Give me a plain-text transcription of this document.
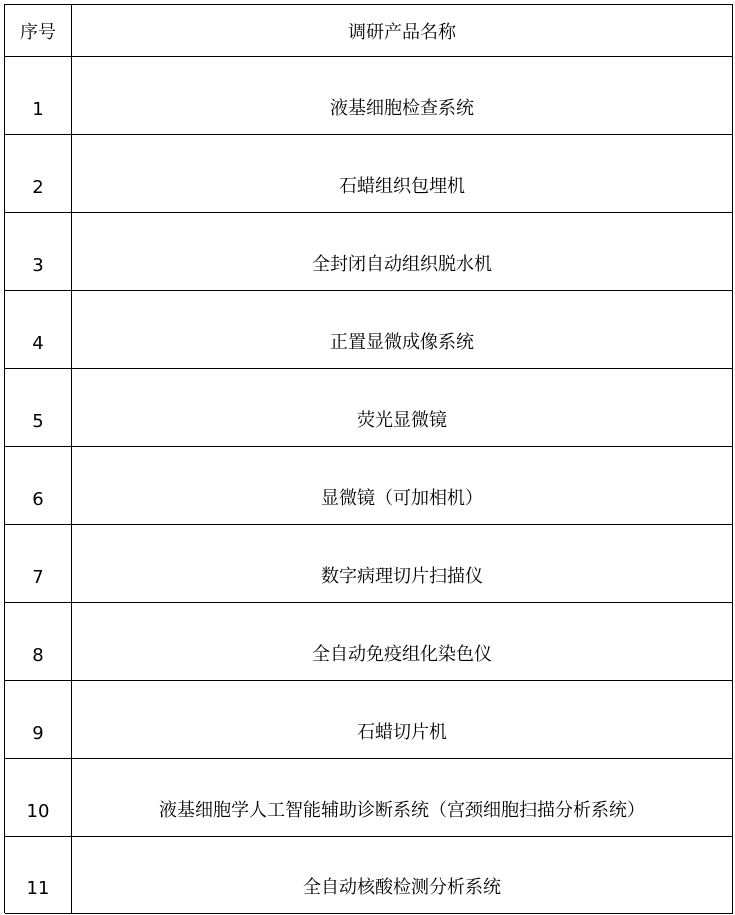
序号	调研产品名称
1	液基细胞检查系统
2	石蜡组织包埋机
3	全封闭自动组织脱水机
4	正置显微成像系统
5	荧光显微镜
6	显微镜（可加相机）
7	数字病理切片扫描仪
8	全自动免疫组化染色仪
9	石蜡切片机
10	液基细胞学人工智能辅助诊断系统（宫颈细胞扫描分析系统）
11	全自动核酸检测分析系统
